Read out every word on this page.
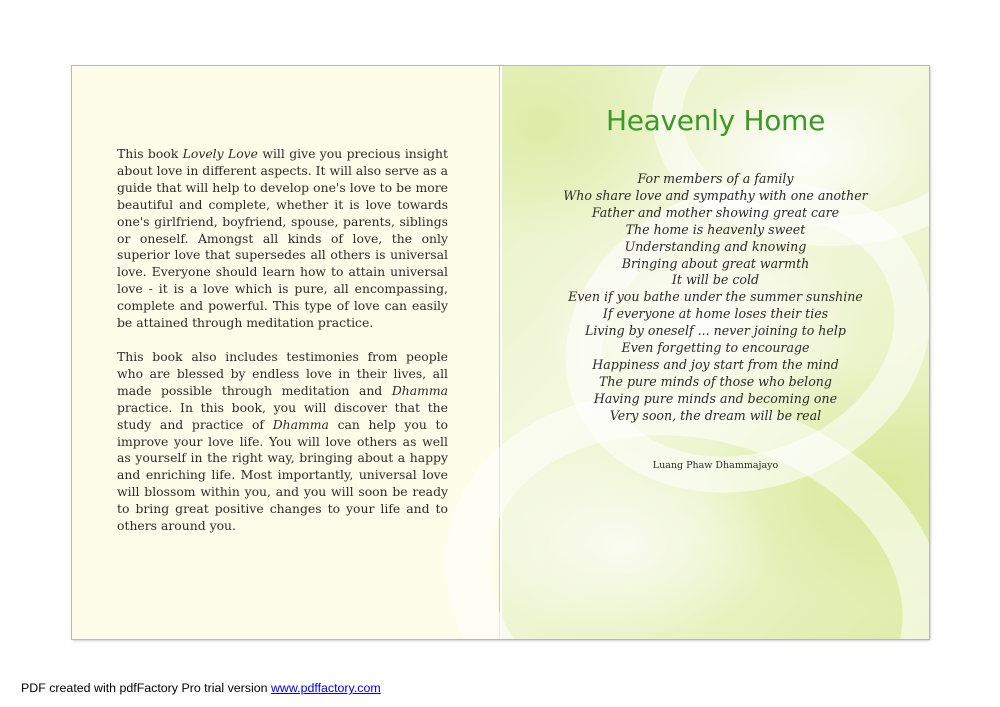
This book Lovely Love will give you precious insight about love in different aspects. It will also serve as a guide that will help to develop one's love to be more beautiful and complete, whether it is love towards one's girlfriend, boyfriend, spouse, parents, siblings or oneself. Amongst all kinds of love, the only superior love that supersedes all others is universal love. Everyone should learn how to attain universal love - it is a love which is pure, all encompassing, complete and powerful. This type of love can easily be attained through meditation practice.

This book also includes testimonies from people who are blessed by endless love in their lives, all made possible through meditation and Dhamma practice. In this book, you will discover that the study and practice of Dhamma can help you to improve your love life. You will love others as well as yourself in the right way, bringing about a happy and enriching life. Most importantly, universal love will blossom within you, and you will soon be ready to bring great positive changes to your life and to others around you.

Heavenly Home
For members of a family
Who share love and sympathy with one another
Father and mother showing great care
The home is heavenly sweet
Understanding and knowing
Bringing about great warmth
It will be cold
Even if you bathe under the summer sunshine
If everyone at home loses their ties
Living by oneself ... never joining to help
Even forgetting to encourage
Happiness and joy start from the mind
The pure minds of those who belong
Having pure minds and becoming one
Very soon, the dream will be real
Luang Phaw Dhammajayo
PDF created with pdfFactory Pro trial version www.pdffactory.com
